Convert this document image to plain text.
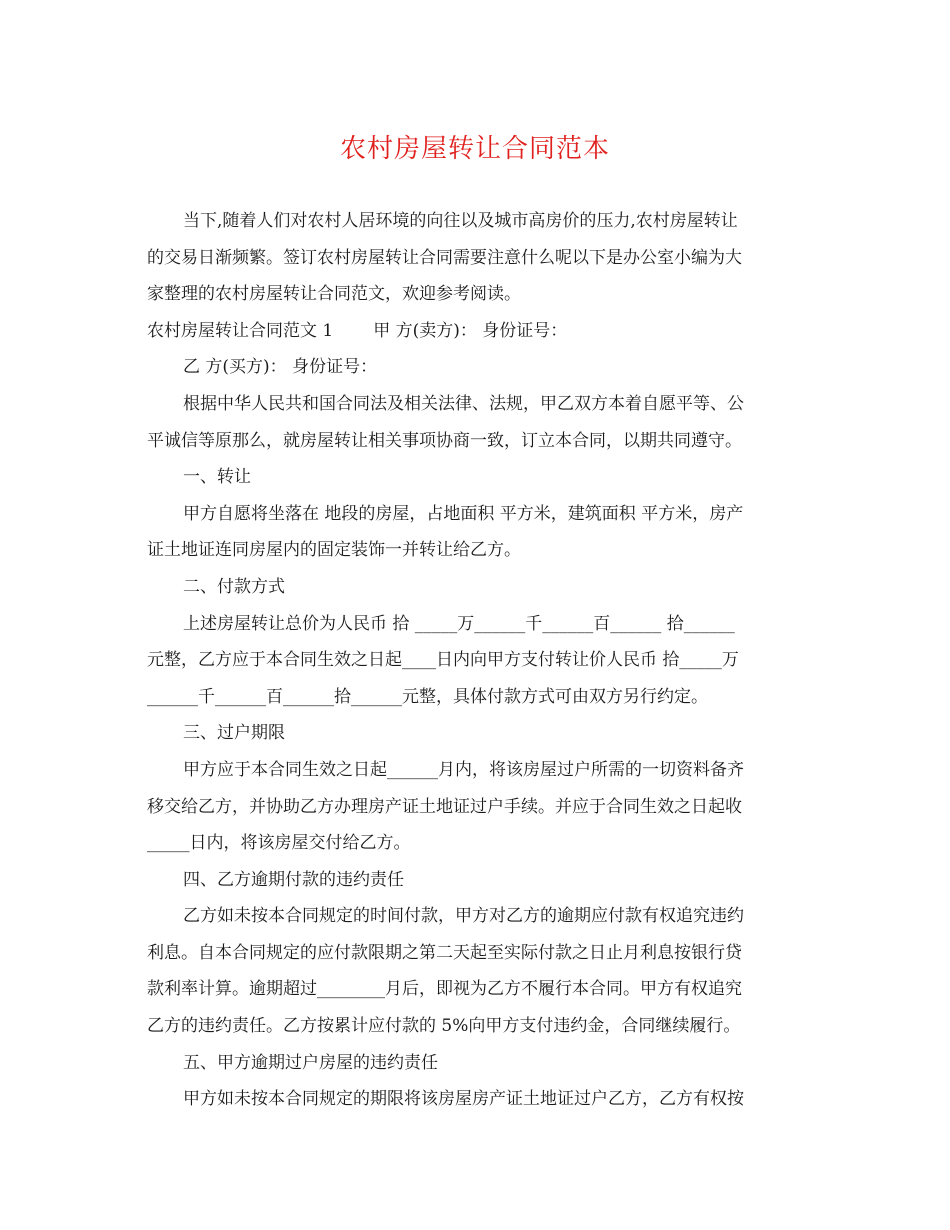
农村房屋转让合同范本
当下,随着人们对农村人居环境的向往以及城市高房价的压力,农村房屋转让
的交易日渐频繁。签订农村房屋转让合同需要注意什么呢以下是办公室小编为大
家整理的农村房屋转让合同范文，欢迎参考阅读。
农村房屋转让合同范文 1 甲 方(卖方)： 身份证号：
乙 方(买方)： 身份证号：
根据中华人民共和国合同法及相关法律、法规，甲乙双方本着自愿平等、公
平诚信等原那么，就房屋转让相关事项协商一致，订立本合同，以期共同遵守。
一、转让
甲方自愿将坐落在 地段的房屋，占地面积 平方米，建筑面积 平方米，房产
证土地证连同房屋内的固定装饰一并转让给乙方。
二、付款方式
上述房屋转让总价为人民币 拾 _____万______千______百______ 拾______
元整，乙方应于本合同生效之日起____日内向甲方支付转让价人民币 拾_____万
______千______百______拾______元整，具体付款方式可由双方另行约定。
三、过户期限
甲方应于本合同生效之日起______月内，将该房屋过户所需的一切资料备齐
移交给乙方，并协助乙方办理房产证土地证过户手续。并应于合同生效之日起收
_____日内，将该房屋交付给乙方。
四、乙方逾期付款的违约责任
乙方如未按本合同规定的时间付款，甲方对乙方的逾期应付款有权追究违约
利息。自本合同规定的应付款限期之第二天起至实际付款之日止月利息按银行贷
款利率计算。逾期超过________月后，即视为乙方不履行本合同。甲方有权追究
乙方的违约责任。乙方按累计应付款的 5%向甲方支付违约金，合同继续履行。
五、甲方逾期过户房屋的违约责任
甲方如未按本合同规定的期限将该房屋房产证土地证过户乙方，乙方有权按
